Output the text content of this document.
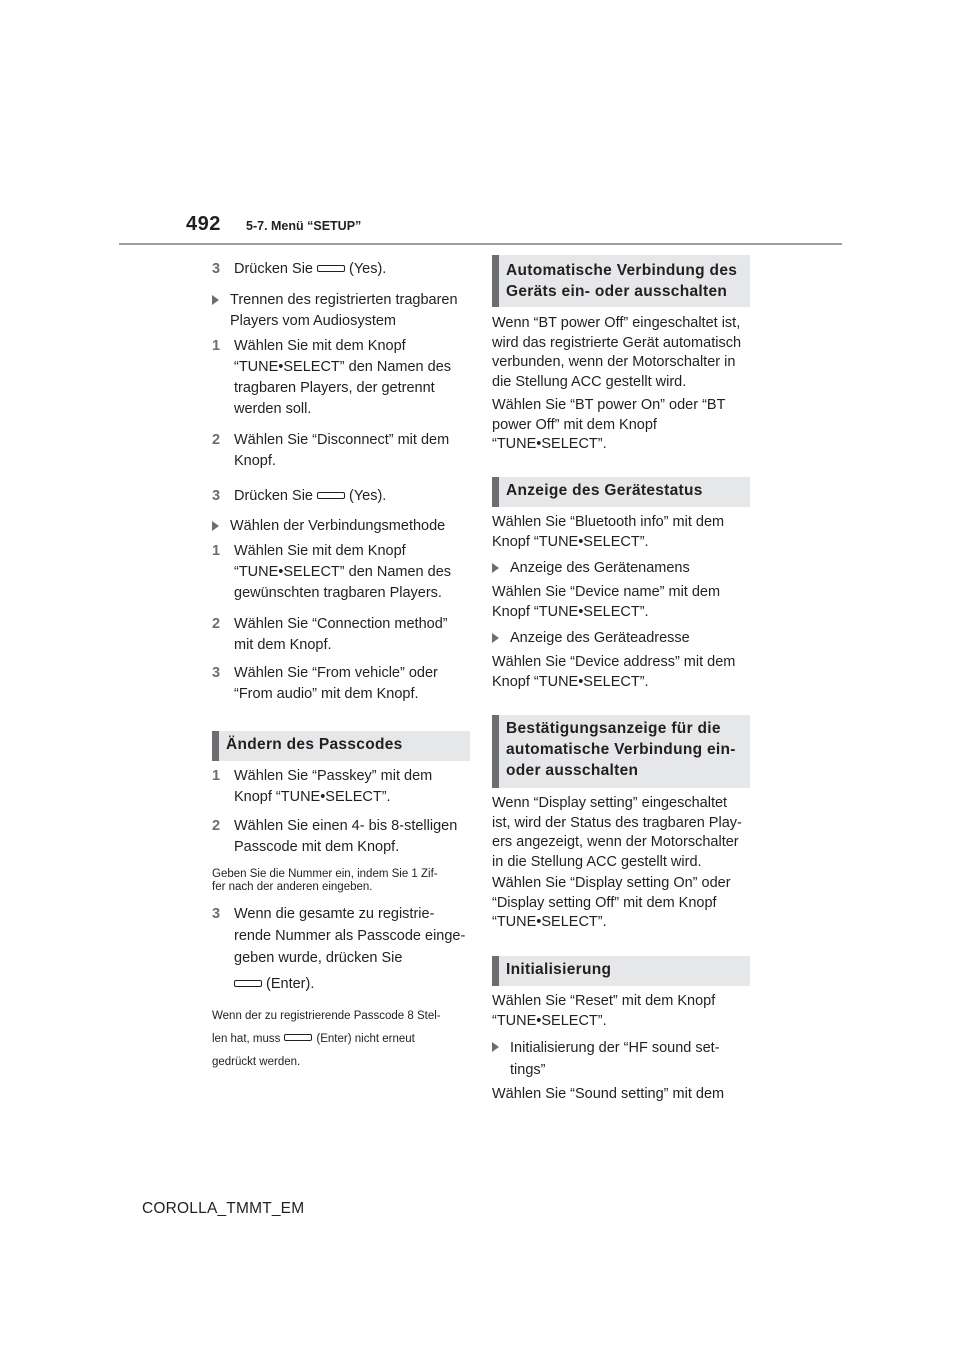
492 5-7. Menü “SETUP”
3 Drücken Sie (Yes).
Trennen des registrierten tragbaren
Players vom Audiosystem
1 Wählen Sie mit dem Knopf
“TUNE•SELECT” den Namen des
tragbaren Players, der getrennt
werden soll.
2 Wählen Sie “Disconnect” mit dem
Knopf.
3 Drücken Sie (Yes).
Wählen der Verbindungsmethode
1 Wählen Sie mit dem Knopf
“TUNE•SELECT” den Namen des
gewünschten tragbaren Players.
2 Wählen Sie “Connection method”
mit dem Knopf.
3 Wählen Sie “From vehicle” oder
“From audio” mit dem Knopf.
Ändern des Passcodes
1 Wählen Sie “Passkey” mit dem
Knopf “TUNE•SELECT”.
2 Wählen Sie einen 4- bis 8-stelligen
Passcode mit dem Knopf.
Geben Sie die Nummer ein, indem Sie 1 Zif-
fer nach der anderen eingeben.
3 Wenn die gesamte zu registrie-
rende Nummer als Passcode einge-
geben wurde, drücken Sie
(Enter).
Wenn der zu registrierende Passcode 8 Stel-
len hat, muss	(Enter) nicht erneut
gedrückt werden.
Automatische Verbindung des
Geräts ein- oder ausschalten
Wenn “BT power Off” eingeschaltet ist,
wird das registrierte Gerät automatisch
verbunden, wenn der Motorschalter in
die Stellung ACC gestellt wird.
Wählen Sie “BT power On” oder “BT
power Off” mit dem Knopf
“TUNE•SELECT”.
Anzeige des Gerätestatus
Wählen Sie “Bluetooth info” mit dem
Knopf “TUNE•SELECT”.
Anzeige des Gerätenamens
Wählen Sie “Device name” mit dem
Knopf “TUNE•SELECT”.
Anzeige des Geräteadresse
Wählen Sie “Device address” mit dem
Knopf “TUNE•SELECT”.
Bestätigungsanzeige für die
automatische Verbindung ein-
oder ausschalten
Wenn “Display setting” eingeschaltet
ist, wird der Status des tragbaren Play-
ers angezeigt, wenn der Motorschalter
in die Stellung ACC gestellt wird.
Wählen Sie “Display setting On” oder
“Display setting Off” mit dem Knopf
“TUNE•SELECT”.
Initialisierung
Wählen Sie “Reset” mit dem Knopf
“TUNE•SELECT”.
Initialisierung der “HF sound set-
tings”
Wählen Sie “Sound setting” mit dem
COROLLA_TMMT_EM
